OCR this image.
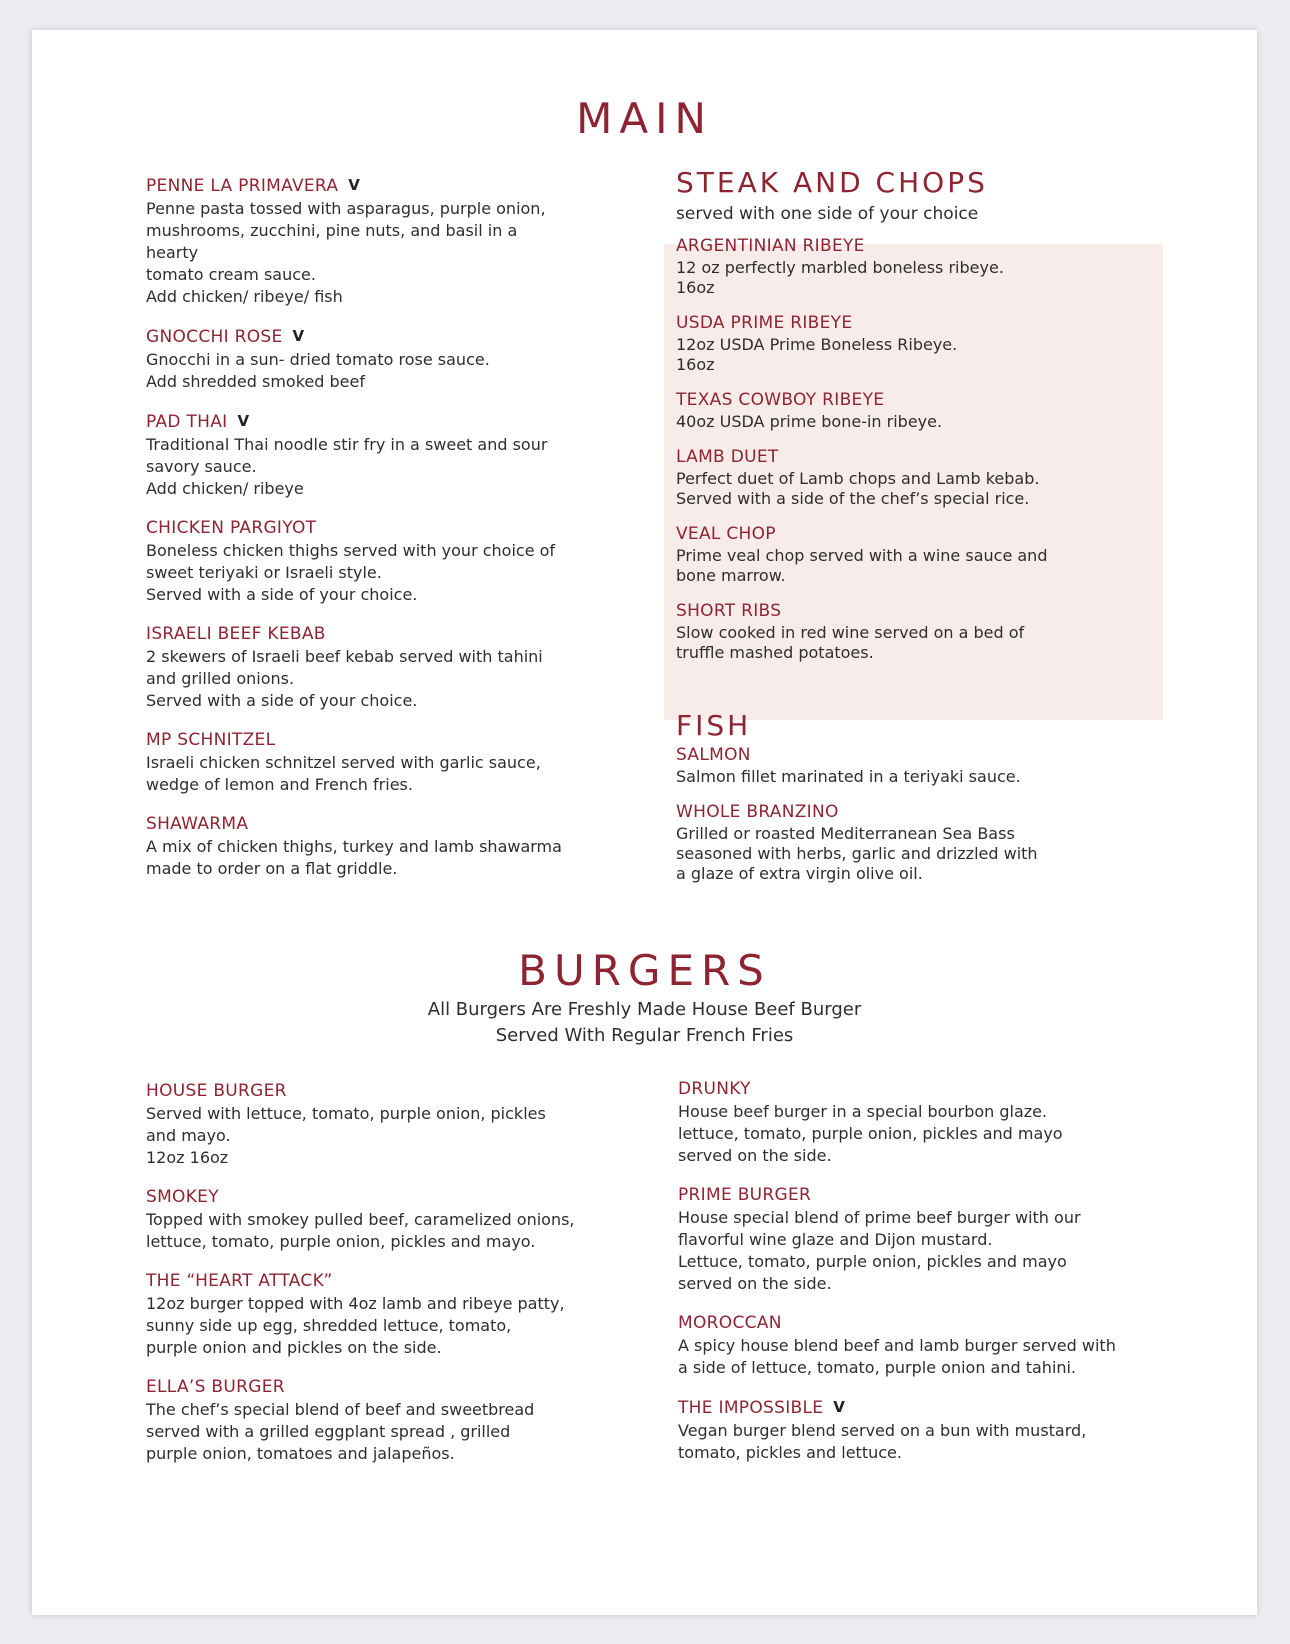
MAIN
PENNE LA PRIMAVERA V
Penne pasta tossed with asparagus, purple onion,
mushrooms, zucchini, pine nuts, and basil in a hearty
tomato cream sauce.
Add chicken/ ribeye/ fish
GNOCCHI ROSE V
Gnocchi in a sun- dried tomato rose sauce.
Add shredded smoked beef
PAD THAI V
Traditional Thai noodle stir fry in a sweet and sour
savory sauce.
Add chicken/ ribeye
CHICKEN PARGIYOT
Boneless chicken thighs served with your choice of
sweet teriyaki or Israeli style.
Served with a side of your choice.
ISRAELI BEEF KEBAB
2 skewers of Israeli beef kebab served with tahini
and grilled onions.
Served with a side of your choice.
MP SCHNITZEL
Israeli chicken schnitzel served with garlic sauce,
wedge of lemon and French fries.
SHAWARMA
A mix of chicken thighs, turkey and lamb shawarma
made to order on a flat griddle.
STEAK AND CHOPS
served with one side of your choice
ARGENTINIAN RIBEYE
12 oz perfectly marbled boneless ribeye.
16oz
USDA PRIME RIBEYE
12oz USDA Prime Boneless Ribeye.
16oz
TEXAS COWBOY RIBEYE
40oz USDA prime bone-in ribeye.
LAMB DUET
Perfect duet of Lamb chops and Lamb kebab.
Served with a side of the chef’s special rice.
VEAL CHOP
Prime veal chop served with a wine sauce and
bone marrow.
SHORT RIBS
Slow cooked in red wine served on a bed of
truffle mashed potatoes.
FISH
SALMON
Salmon fillet marinated in a teriyaki sauce.
WHOLE BRANZINO
Grilled or roasted Mediterranean Sea Bass
seasoned with herbs, garlic and drizzled with
a glaze of extra virgin olive oil.
BURGERS
All Burgers Are Freshly Made House Beef Burger
Served With Regular French Fries
HOUSE BURGER
Served with lettuce, tomato, purple onion, pickles
and mayo.
12oz 16oz
SMOKEY
Topped with smokey pulled beef, caramelized onions,
lettuce, tomato, purple onion, pickles and mayo.
THE “HEART ATTACK”
12oz burger topped with 4oz lamb and ribeye patty,
sunny side up egg, shredded lettuce, tomato,
purple onion and pickles on the side.
ELLA’S BURGER
The chef’s special blend of beef and sweetbread
served with a grilled eggplant spread , grilled
purple onion, tomatoes and jalapeños.
DRUNKY
House beef burger in a special bourbon glaze.
lettuce, tomato, purple onion, pickles and mayo
served on the side.
PRIME BURGER
House special blend of prime beef burger with our
flavorful wine glaze and Dijon mustard.
Lettuce, tomato, purple onion, pickles and mayo
served on the side.
MOROCCAN
A spicy house blend beef and lamb burger served with
a side of lettuce, tomato, purple onion and tahini.
THE IMPOSSIBLE V
Vegan burger blend served on a bun with mustard,
tomato, pickles and lettuce.
